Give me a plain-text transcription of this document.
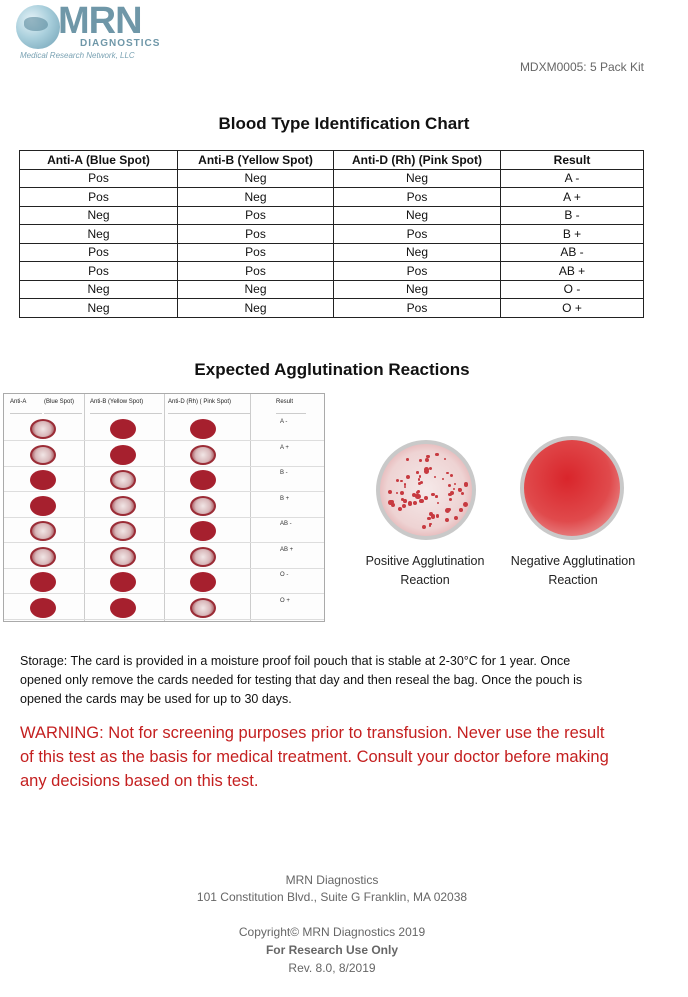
MRN
DIAGNOSTICS
Medical Research Network, LLC
MDXM0005: 5 Pack Kit
Blood Type Identification Chart
Anti-A (Blue Spot)	Anti-B (Yellow Spot)	Anti-D (Rh) (Pink Spot)	Result
Pos	Neg	Neg	A -
Pos	Neg	Pos	A +
Neg	Pos	Neg	B -
Neg	Pos	Pos	B +
Pos	Pos	Neg	AB -
Pos	Pos	Pos	AB +
Neg	Neg	Neg	O -
Neg	Neg	Pos	O +
Expected Agglutination Reactions
Anti-A	(Blue Spot)	Anti-B (Yellow Spot)	Anti-D (Rh) ( Pink Spot)	Result
A -
A +
B -
B +
AB -
AB +
O -
O +
Positive Agglutination
Reaction
Negative Agglutination
Reaction
Storage: The card is provided in a moisture proof foil pouch that is stable at 2-30°C for 1 year. Once
opened only remove the cards needed for testing that day and then reseal the bag. Once the pouch is
opened the cards may be used for up to 30 days.
WARNING: Not for screening purposes prior to transfusion. Never use the result
of this test as the basis for medical treatment. Consult your doctor before making
any decisions based on this test.
MRN Diagnostics
101 Constitution Blvd., Suite G Franklin, MA 02038
Copyright© MRN Diagnostics 2019
For Research Use Only
Rev. 8.0, 8/2019
